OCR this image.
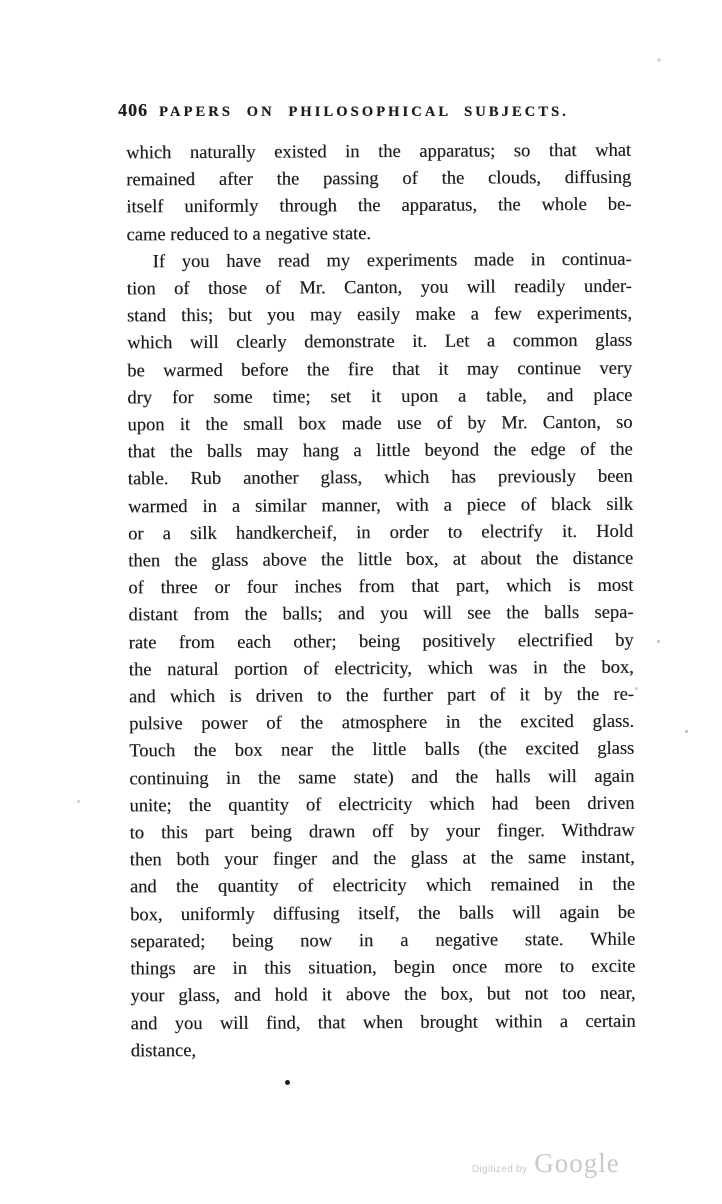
406 PAPERS ON PHILOSOPHICAL SUBJECTS.
which naturally existed in the apparatus; so that what
remained after the passing of the clouds, diffusing
itself uniformly through the apparatus, the whole be-
came reduced to a negative state.
If you have read my experiments made in continua-
tion of those of Mr. Canton, you will readily under-
stand this; but you may easily make a few experiments,
which will clearly demonstrate it. Let a common glass
be warmed before the fire that it may continue very
dry for some time; set it upon a table, and place
upon it the small box made use of by Mr. Canton, so
that the balls may hang a little beyond the edge of the
table. Rub another glass, which has previously been
warmed in a similar manner, with a piece of black silk
or a silk handkercheif, in order to electrify it. Hold
then the glass above the little box, at about the distance
of three or four inches from that part, which is most
distant from the balls; and you will see the balls sepa-
rate from each other; being positively electrified by
the natural portion of electricity, which was in the box,
and which is driven to the further part of it by the re-
pulsive power of the atmosphere in the excited glass.
Touch the box near the little balls (the excited glass
continuing in the same state) and the halls will again
unite; the quantity of electricity which had been driven
to this part being drawn off by your finger. Withdraw
then both your finger and the glass at the same instant,
and the quantity of electricity which remained in the
box, uniformly diffusing itself, the balls will again be
separated; being now in a negative state. While
things are in this situation, begin once more to excite
your glass, and hold it above the box, but not too near,
and you will find, that when brought within a certain
distance,
Digitized by Google
